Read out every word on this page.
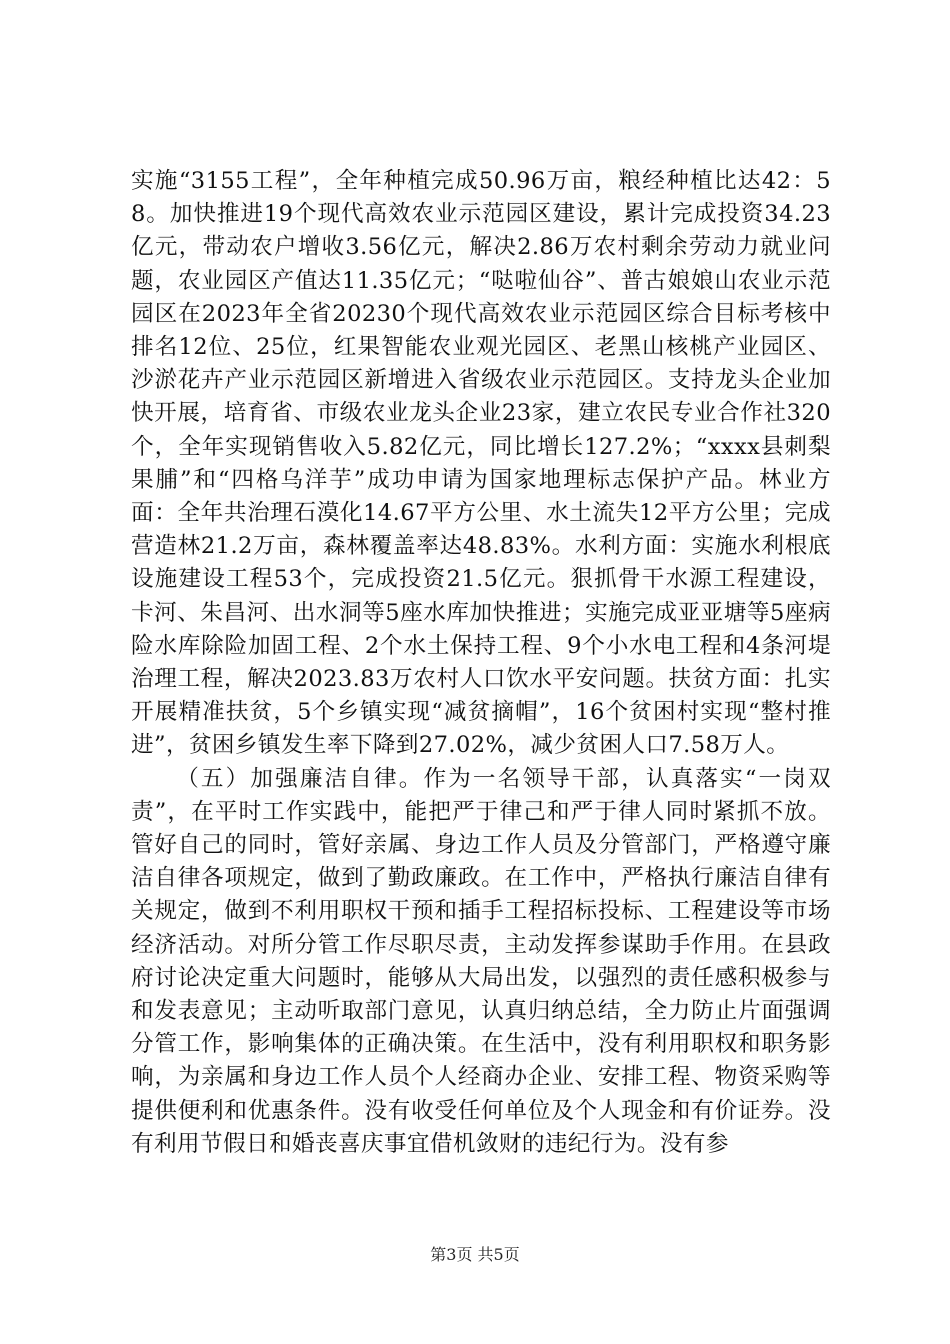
实施“3155工程”，全年种植完成50.96万亩，粮经种植比达42：58。加快推进19个现代高效农业示范园区建设，累计完成投资34.23亿元，带动农户增收3.56亿元，解决2.86万农村剩余劳动力就业问题，农业园区产值达11.35亿元；“哒啦仙谷”、普古娘娘山农业示范园区在2023年全省20230个现代高效农业示范园区综合目标考核中排名12位、25位，红果智能农业观光园区、老黑山核桃产业园区、沙淤花卉产业示范园区新增进入省级农业示范园区。支持龙头企业加快开展，培育省、市级农业龙头企业23家，建立农民专业合作社320个，全年实现销售收入5.82亿元，同比增长127.2%；“xxxx县刺梨果脯”和“四格乌洋芋”成功申请为国家地理标志保护产品。林业方面：全年共治理石漠化14.67平方公里、水土流失12平方公里；完成营造林21.2万亩，森林覆盖率达48.83%。水利方面：实施水利根底设施建设工程53个，完成投资21.5亿元。狠抓骨干水源工程建设，卡河、朱昌河、出水洞等5座水库加快推进；实施完成亚亚塘等5座病险水库除险加固工程、2个水土保持工程、9个小水电工程和4条河堤治理工程，解决2023.83万农村人口饮水平安问题。扶贫方面：扎实开展精准扶贫，5个乡镇实现“减贫摘帽”，16个贫困村实现“整村推进”，贫困乡镇发生率下降到27.02%，减少贫困人口7.58万人。

（五）加强廉洁自律。作为一名领导干部，认真落实“一岗双责”，在平时工作实践中，能把严于律己和严于律人同时紧抓不放。管好自己的同时，管好亲属、身边工作人员及分管部门，严格遵守廉洁自律各项规定，做到了勤政廉政。在工作中，严格执行廉洁自律有关规定，做到不利用职权干预和插手工程招标投标、工程建设等市场经济活动。对所分管工作尽职尽责，主动发挥参谋助手作用。在县政府讨论决定重大问题时，能够从大局出发，以强烈的责任感积极参与和发表意见；主动听取部门意见，认真归纳总结，全力防止片面强调分管工作，影响集体的正确决策。在生活中，没有利用职权和职务影响，为亲属和身边工作人员个人经商办企业、安排工程、物资采购等提供便利和优惠条件。没有收受任何单位及个人现金和有价证券。没有利用节假日和婚丧喜庆事宜借机敛财的违纪行为。没有参

第3页 共5页
